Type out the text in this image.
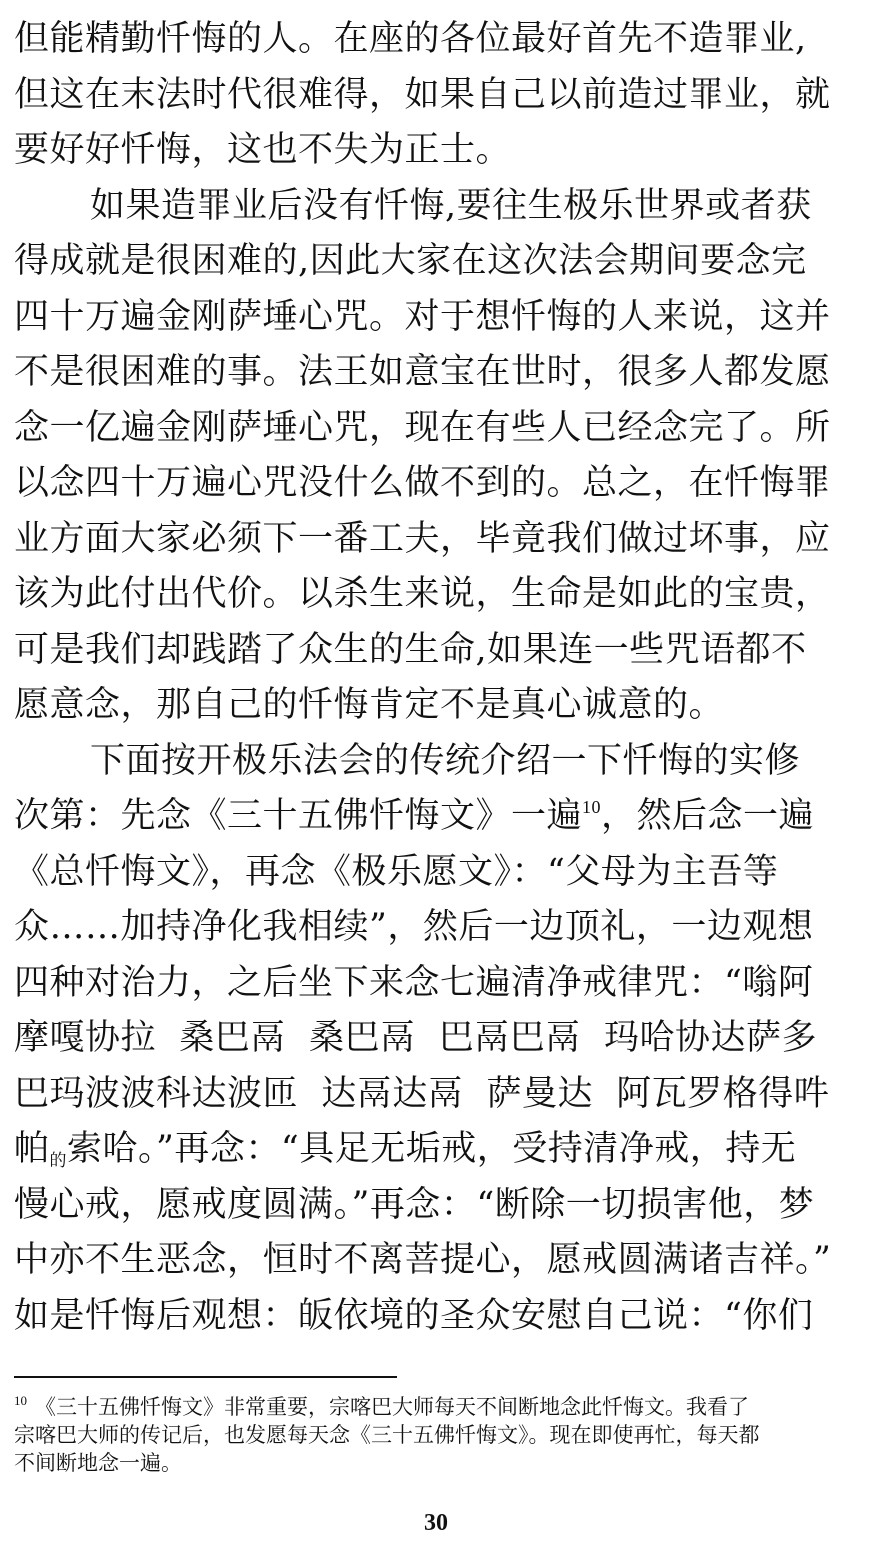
但能精勤忏悔的人。在座的各位最好首先不造罪业,
但这在末法时代很难得，如果自己以前造过罪业，就
要好好忏悔，这也不失为正士。
如果造罪业后没有忏悔,要往生极乐世界或者获
得成就是很困难的,因此大家在这次法会期间要念完
四十万遍金刚萨埵心咒。对于想忏悔的人来说，这并
不是很困难的事。法王如意宝在世时，很多人都发愿
念一亿遍金刚萨埵心咒，现在有些人已经念完了。所
以念四十万遍心咒没什么做不到的。总之，在忏悔罪
业方面大家必须下一番工夫，毕竟我们做过坏事，应
该为此付出代价。以杀生来说，生命是如此的宝贵，
可是我们却践踏了众生的生命,如果连一些咒语都不
愿意念，那自己的忏悔肯定不是真心诚意的。
下面按开极乐法会的传统介绍一下忏悔的实修
次第：先念《三十五佛忏悔文》一遍$^{10}$，然后念一遍
《总忏悔文》，再念《极乐愿文》：“父母为主吾等
众……加持净化我相续”，然后一边顶礼，一边观想
四种对治力，之后坐下来念七遍清净戒律咒：“嗡阿
摩嘎协拉  桑巴鬲  桑巴鬲  巴鬲巴鬲  玛哈协达萨多
巴玛波波科达波匝  达鬲达鬲  萨曼达  阿瓦罗格得吽
帕的索哈。”再念：“具足无垢戒，受持清净戒，持无
慢心戒，愿戒度圆满。”再念：“断除一切损害他，梦
中亦不生恶念，恒时不离菩提心，愿戒圆满诸吉祥。”
如是忏悔后观想：皈依境的圣众安慰自己说：“你们
$^{10}$ 《三十五佛忏悔文》非常重要，宗喀巴大师每天不间断地念此忏悔文。我看了
宗喀巴大师的传记后，也发愿每天念《三十五佛忏悔文》。现在即使再忙，每天都
不间断地念一遍。
30
